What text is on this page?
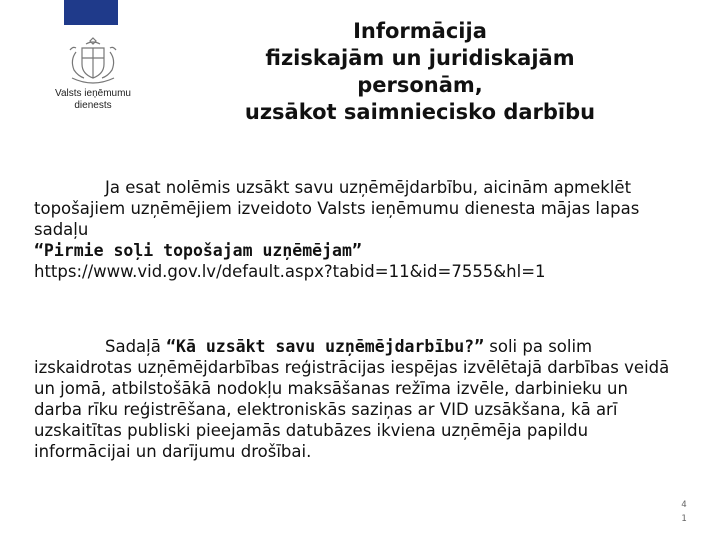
Valsts ieņēmumu
dienests
Informācija
fiziskajām un juridiskajām
personām,
uzsākot saimniecisko darbību
Ja esat nolēmis uzsākt savu uzņēmējdarbību, aicinām apmeklēt topošajiem uzņēmējiem izveidoto Valsts ieņēmumu dienesta mājas lapas sadaļu
“Pirmie soļi topošajam uzņēmējam”
https://www.vid.gov.lv/default.aspx?tabid=11&id=7555&hl=1
Sadaļā “Kā uzsākt savu uzņēmējdarbību?” soli pa solim izskaidrotas uzņēmējdarbības reģistrācijas iespējas izvēlētajā darbības veidā un jomā, atbilstošākā nodokļu maksāšanas režīma izvēle, darbinieku un darba rīku reģistrēšana, elektroniskās saziņas ar VID uzsākšana, kā arī uzskaitītas publiski pieejamās datubāzes ikviena uzņēmēja papildu informācijai un darījumu drošībai.
4
1
